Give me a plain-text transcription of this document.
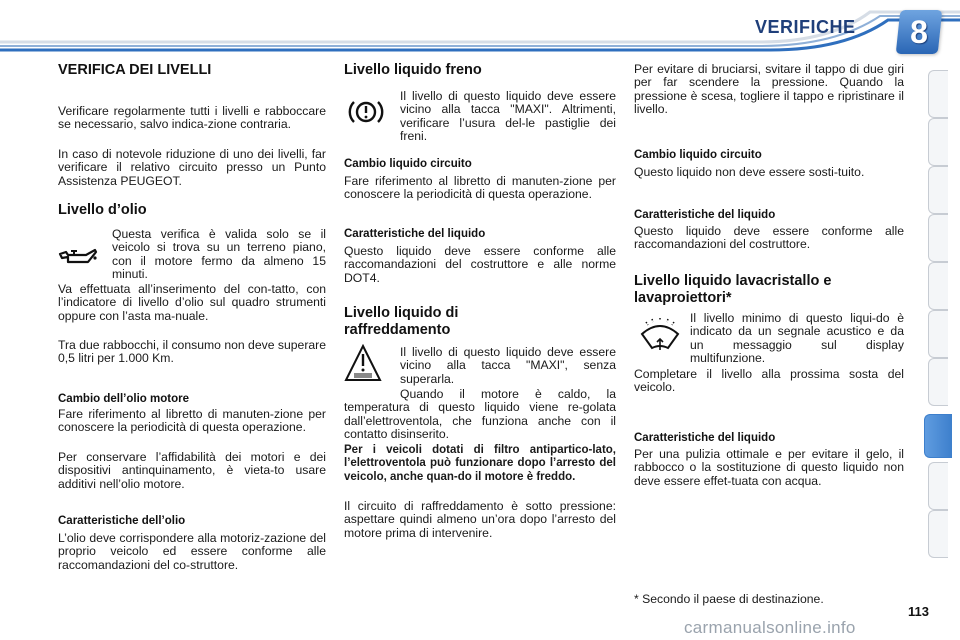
VERIFICHE	8
VERIFICA DEI LIVELLI

Verificare regolarmente tutti i livelli e rabboccare se necessario, salvo indica-zione contraria.

In caso di notevole riduzione di uno dei livelli, far verificare il relativo circuito presso un Punto Assistenza PEUGEOT.

Livello d’olio

Questa verifica è valida solo se il veicolo si trova su un terreno piano, con il motore fermo da almeno 15 minuti.

Va effettuata all’inserimento del con-tatto, con l’indicatore di livello d’olio sul quadro strumenti oppure con l’asta ma-nuale.

Tra due rabbocchi, il consumo non deve superare 0,5 litri per 1.000 Km.

Cambio dell’olio motore

Fare riferimento al libretto di manuten-zione per conoscere la periodicità di questa operazione.

Per conservare l’affidabilità dei motori e dei dispositivi antinquinamento, è vieta-to usare additivi nell’olio motore.

Caratteristiche dell’olio

L’olio deve corrispondere alla motoriz-zazione del proprio veicolo ed essere conforme alle raccomandazioni del co-struttore.

Livello liquido freno

Il livello di questo liquido deve essere vicino alla tacca "MAXI". Altrimenti, verificare l’usura del-le pastiglie dei freni.

Cambio liquido circuito

Fare riferimento al libretto di manuten-zione per conoscere la periodicità di questa operazione.

Caratteristiche del liquido

Questo liquido deve essere conforme alle raccomandazioni del costruttore e alle norme DOT4.

Livello liquido di raffreddamento

Il livello di questo liquido deve essere vicino alla tacca "MAXI", senza superarla.

Quando il motore è caldo, la temperatura di questo liquido viene re-golata dall’elettroventola, che funziona anche con il contatto disinserito.

Per i veicoli dotati di filtro antipartico-lato, l’elettroventola può funzionare dopo l’arresto del veicolo, anche quan-do il motore è freddo.

Il circuito di raffreddamento è sotto pressione: aspettare quindi almeno un’ora dopo l’arresto del motore prima di intervenire.

Per evitare di bruciarsi, svitare il tappo di due giri per far scendere la pressione. Quando la pressione è scesa, togliere il tappo e ripristinare il livello.

Cambio liquido circuito

Questo liquido non deve essere sosti-tuito.

Caratteristiche del liquido

Questo liquido deve essere conforme alle raccomandazioni del costruttore.

Livello liquido lavacristallo e lavaproiettori*

Il livello minimo di questo liqui-do è indicato da un segnale acustico e da un messaggio sul display multifunzione.

Completare il livello alla prossima sosta del veicolo.

Caratteristiche del liquido

Per una pulizia ottimale e per evitare il gelo, il rabbocco o la sostituzione di questo liquido non deve essere effet-tuata con acqua.

* Secondo il paese di destinazione.

113
carmanualsonline.info
